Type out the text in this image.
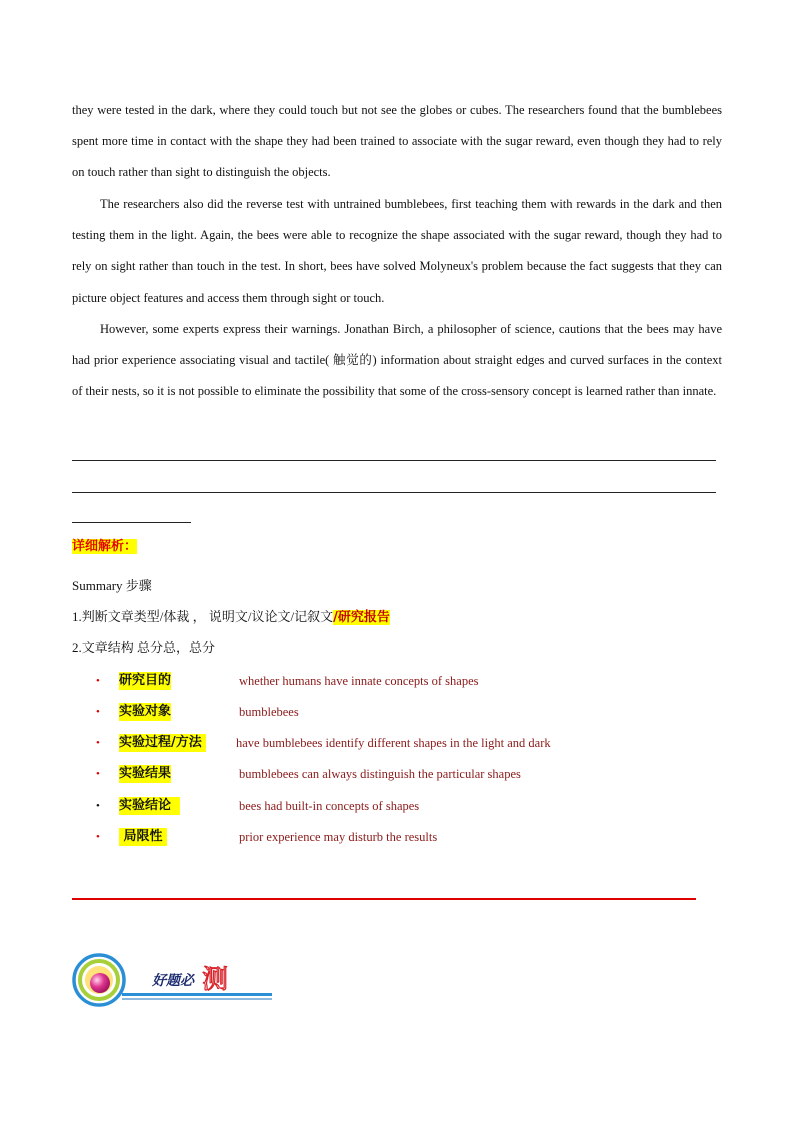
they were tested in the dark, where they could touch but not see the globes or cubes. The researchers found that the bumblebees spent more time in contact with the shape they had been trained to associate with the sugar reward, even though they had to rely on touch rather than sight to distinguish the objects.

The researchers also did the reverse test with untrained bumblebees, first teaching them with rewards in the dark and then testing them in the light. Again, the bees were able to recognize the shape associated with the sugar reward, though they had to rely on sight rather than touch in the test. In short, bees have solved Molyneux's problem because the fact suggests that they can picture object features and access them through sight or touch.

However, some experts express their warnings. Jonathan Birch, a philosopher of science, cautions that the bees may have had prior experience associating visual and tactile( 触觉的) information about straight edges and curved surfaces in the context of their nests, so it is not possible to eliminate the possibility that some of the cross-sensory concept is learned rather than innate.

详细解析：
Summary 步骤
1.判断文章类型/体裁 ， 说明文/议论文/记叙文/研究报告
2.文章结构 总分总，总分
• 研究目的	whether humans have innate concepts of shapes
• 实验对象	bumblebees
• 实验过程/方法 have bumblebees identify different shapes in the light and dark
• 实验结果	bumblebees can always distinguish the particular shapes
• 实验结论	bees had built-in concepts of shapes
• 局限性	prior experience may disturb the results
好题必 测
